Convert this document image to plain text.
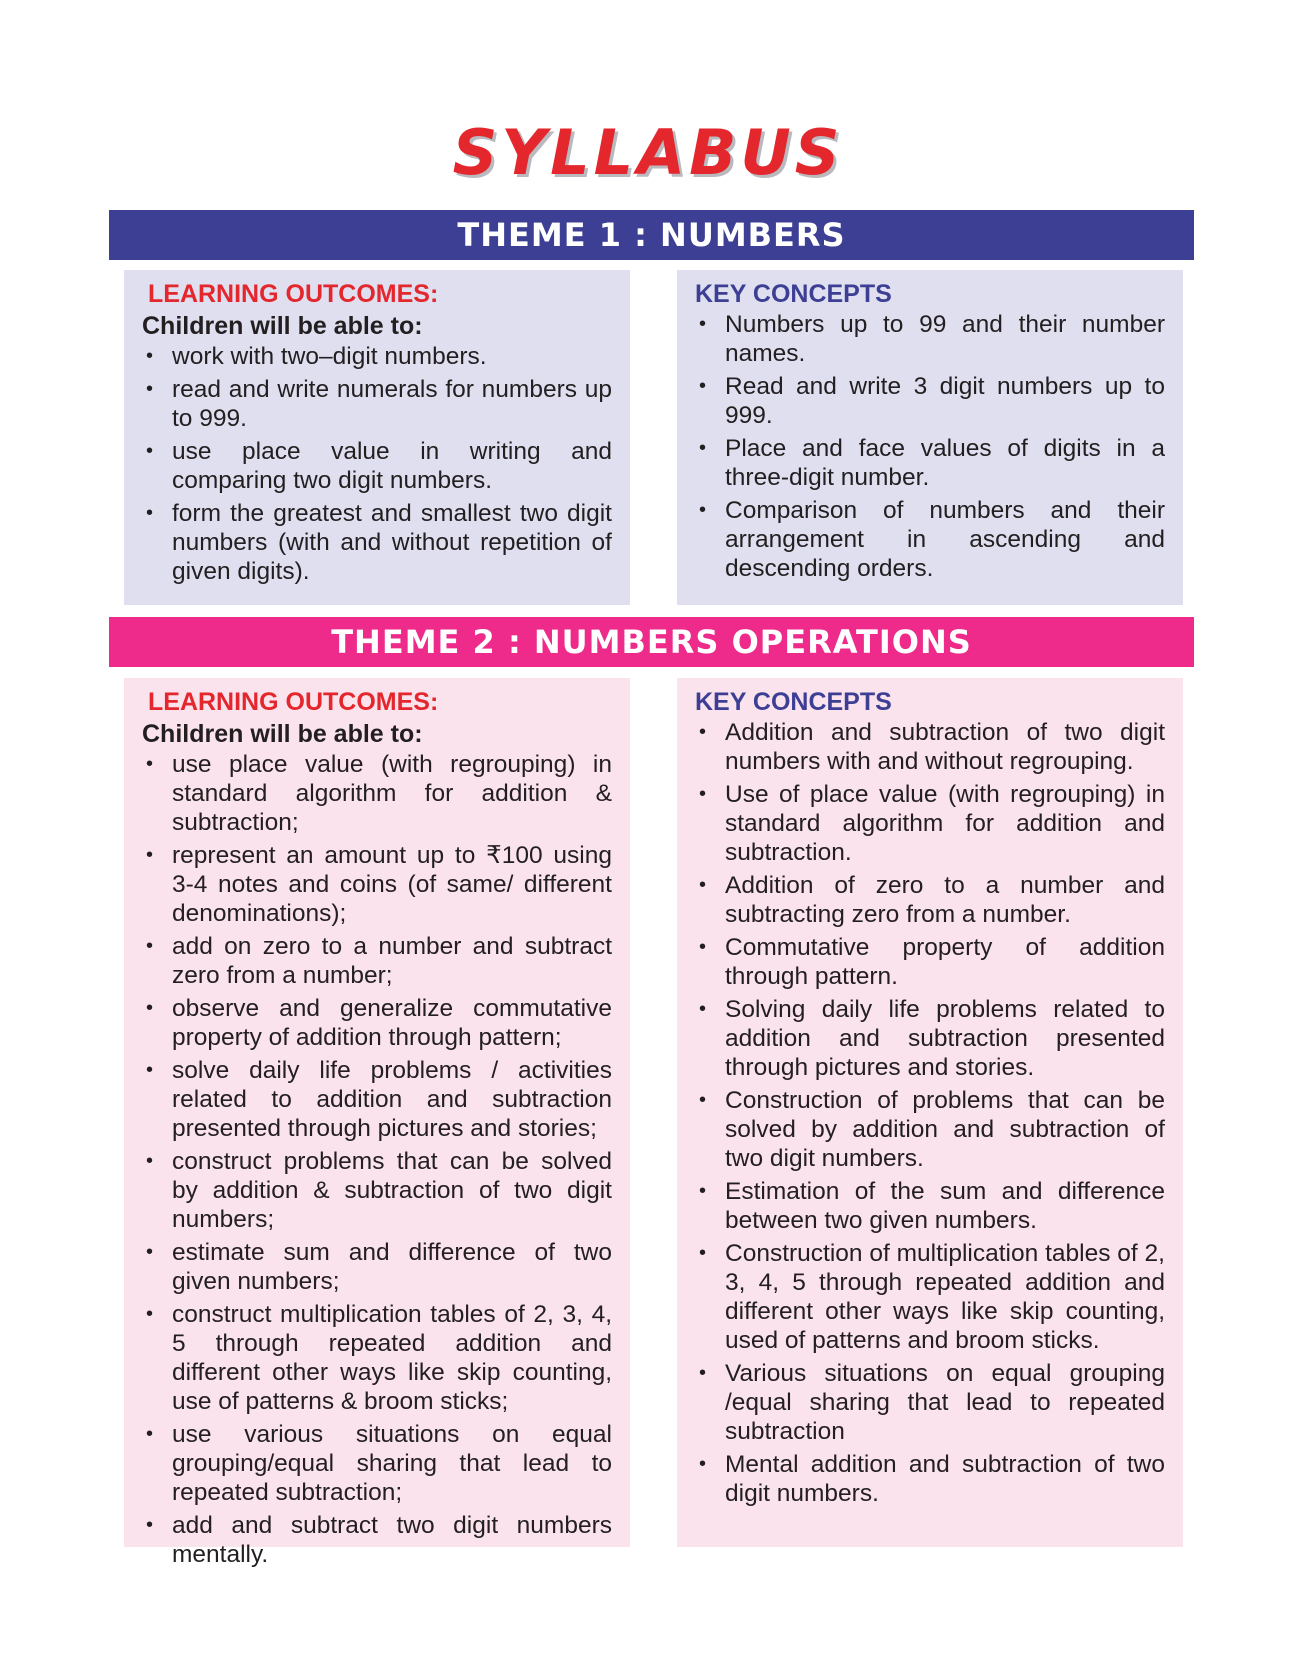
SYLLABUS
THEME 1 : NUMBERS
LEARNING OUTCOMES:
Children will be able to:
• work with two–digit numbers.
• read and write numerals for numbers up to 999.
• use place value in writing and comparing two digit numbers.
• form the greatest and smallest two digit numbers (with and without repetition of given digits).
KEY CONCEPTS
• Numbers up to 99 and their number names.
• Read and write 3 digit numbers up to 999.
• Place and face values of digits in a three-digit number.
• Comparison of numbers and their arrangement in ascending and descending orders.
THEME 2 : NUMBERS OPERATIONS
LEARNING OUTCOMES:
Children will be able to:
• use place value (with regrouping) in standard algorithm for addition & subtraction;
• represent an amount up to ₹100 using 3-4 notes and coins (of same/ different denominations);
• add on zero to a number and subtract zero from a number;
• observe and generalize commutative property of addition through pattern;
• solve daily life problems / activities related to addition and subtraction presented through pictures and stories;
• construct problems that can be solved by addition & subtraction of two digit numbers;
• estimate sum and difference of two given numbers;
• construct multiplication tables of 2, 3, 4, 5 through repeated addition and different other ways like skip counting, use of patterns & broom sticks;
• use various situations on equal grouping/equal sharing that lead to repeated subtraction;
• add and subtract two digit numbers mentally.
KEY CONCEPTS
• Addition and subtraction of two digit numbers with and without regrouping.
• Use of place value (with regrouping) in standard algorithm for addition and subtraction.
• Addition of zero to a number and subtracting zero from a number.
• Commutative property of addition through pattern.
• Solving daily life problems related to addition and subtraction presented through pictures and stories.
• Construction of problems that can be solved by addition and subtraction of two digit numbers.
• Estimation of the sum and difference between two given numbers.
• Construction of multiplication tables of 2, 3, 4, 5 through repeated addition and different other ways like skip counting, used of patterns and broom sticks.
• Various situations on equal grouping /equal sharing that lead to repeated subtraction
• Mental addition and subtraction of two digit numbers.
